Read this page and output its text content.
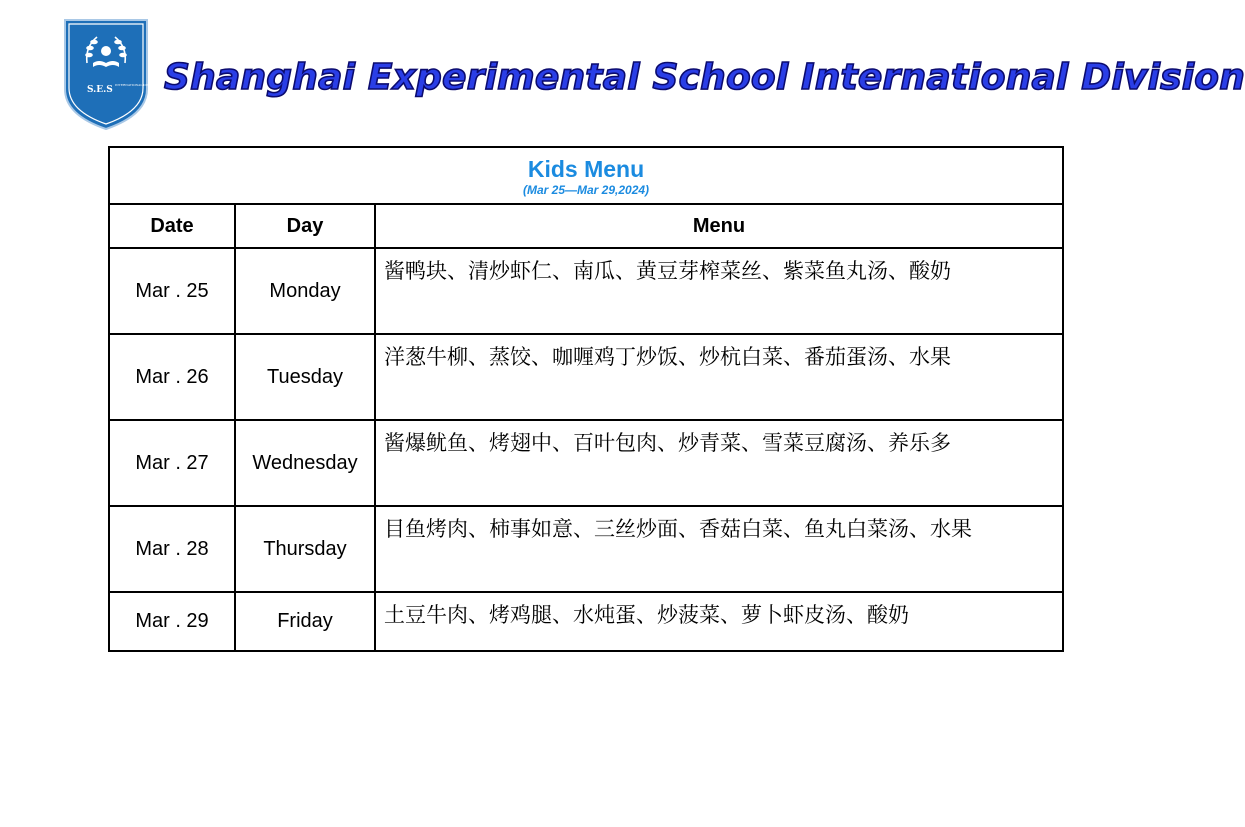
S.E.S INTERNATIONAL DIVISION Shanghai Experimental School International Division
Kids Menu
(Mar 25—Mar 29,2024)		

Date	Day	Menu
Mar . 25	Monday	酱鸭块、清炒虾仁、南瓜、黄豆芽榨菜丝、紫菜鱼丸汤、酸奶
Mar . 26	Tuesday	洋葱牛柳、蒸饺、咖喱鸡丁炒饭、炒杭白菜、番茄蛋汤、水果
Mar . 27	Wednesday	酱爆鱿鱼、烤翅中、百叶包肉、炒青菜、雪菜豆腐汤、养乐多
Mar . 28	Thursday	目鱼烤肉、柿事如意、三丝炒面、香菇白菜、鱼丸白菜汤、水果
Mar . 29	Friday	土豆牛肉、烤鸡腿、水炖蛋、炒菠菜、萝卜虾皮汤、酸奶
